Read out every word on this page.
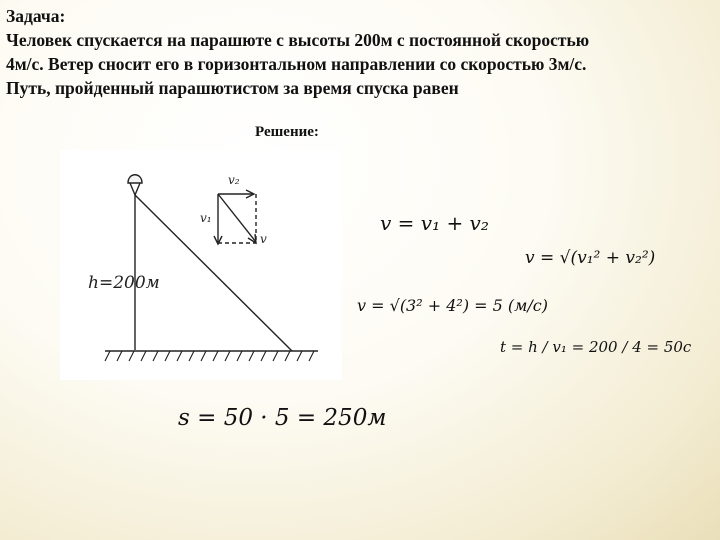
Задача:
Человек спускается на парашюте с высоты 200м с постоянной скоростью
4м/с. Ветер сносит его в горизонтальном направлении со скоростью 3м/с.
Путь, пройденный парашютистом за время спуска равен
Решение:
v₂
v₁
v
h=200м
v = v₁ + v₂
v = √(v₁² + v₂²)
v = √(3² + 4²) = 5 (м/с)
t = h / v₁ = 200 / 4 = 50с
s = 50 · 5 = 250м
